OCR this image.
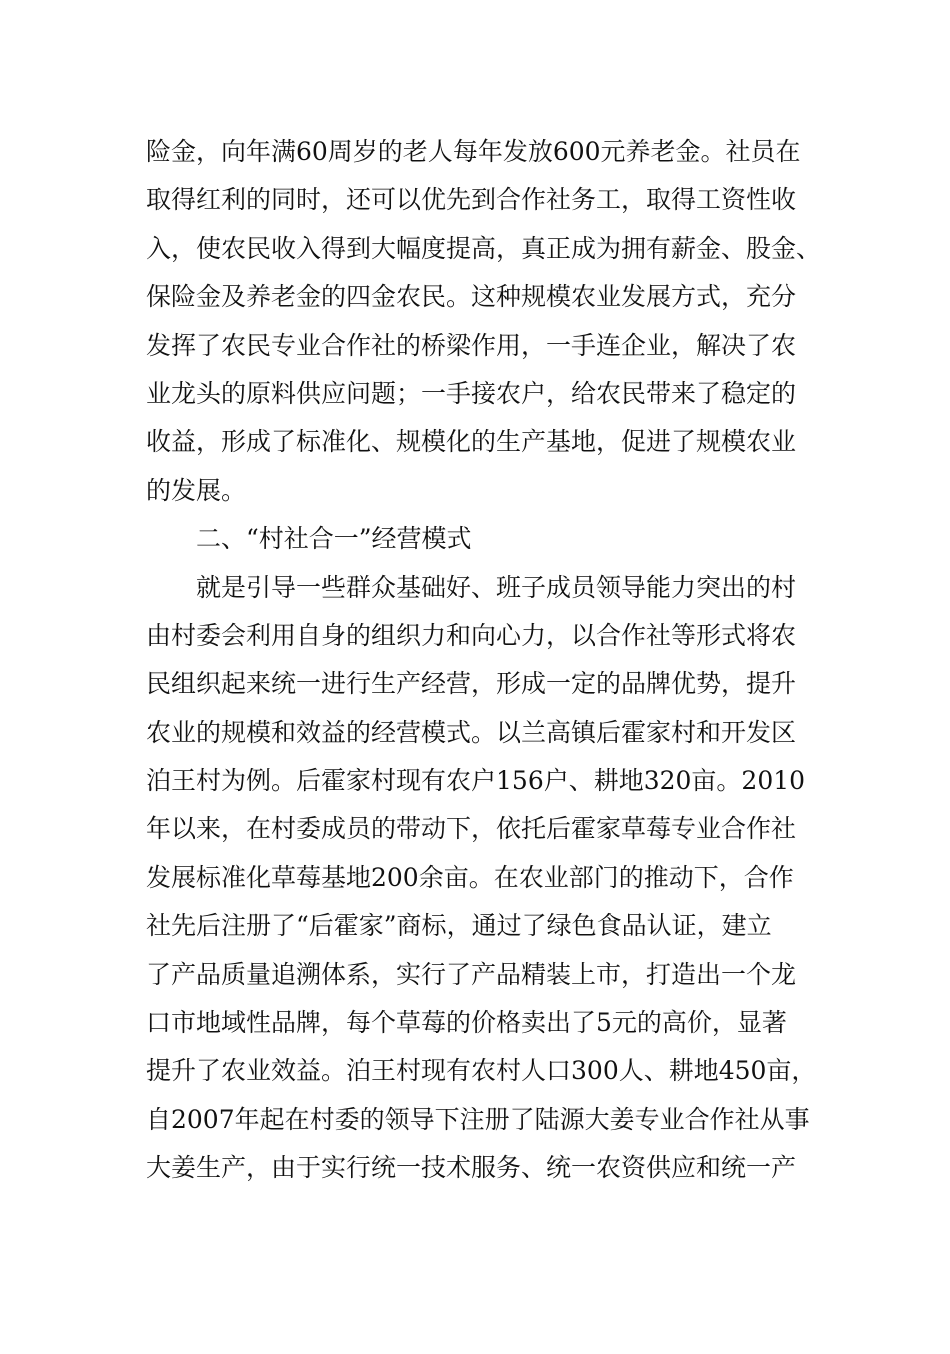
险金，向年满60周岁的老人每年发放600元养老金。社员在
取得红利的同时，还可以优先到合作社务工，取得工资性收
入，使农民收入得到大幅度提高，真正成为拥有薪金、股金、
保险金及养老金的四金农民。这种规模农业发展方式，充分
发挥了农民专业合作社的桥梁作用，一手连企业，解决了农
业龙头的原料供应问题；一手接农户，给农民带来了稳定的
收益，形成了标准化、规模化的生产基地，促进了规模农业
的发展。
二、“村社合一”经营模式
就是引导一些群众基础好、班子成员领导能力突出的村
由村委会利用自身的组织力和向心力，以合作社等形式将农
民组织起来统一进行生产经营，形成一定的品牌优势，提升
农业的规模和效益的经营模式。以兰高镇后霍家村和开发区
泊王村为例。后霍家村现有农户156户、耕地320亩。2010
年以来，在村委成员的带动下，依托后霍家草莓专业合作社
发展标准化草莓基地200余亩。在农业部门的推动下，合作
社先后注册了“后霍家”商标，通过了绿色食品认证，建立
了产品质量追溯体系，实行了产品精装上市，打造出一个龙
口市地域性品牌，每个草莓的价格卖出了5元的高价，显著
提升了农业效益。泊王村现有农村人口300人、耕地450亩，
自2007年起在村委的领导下注册了陆源大姜专业合作社从事
大姜生产，由于实行统一技术服务、统一农资供应和统一产
